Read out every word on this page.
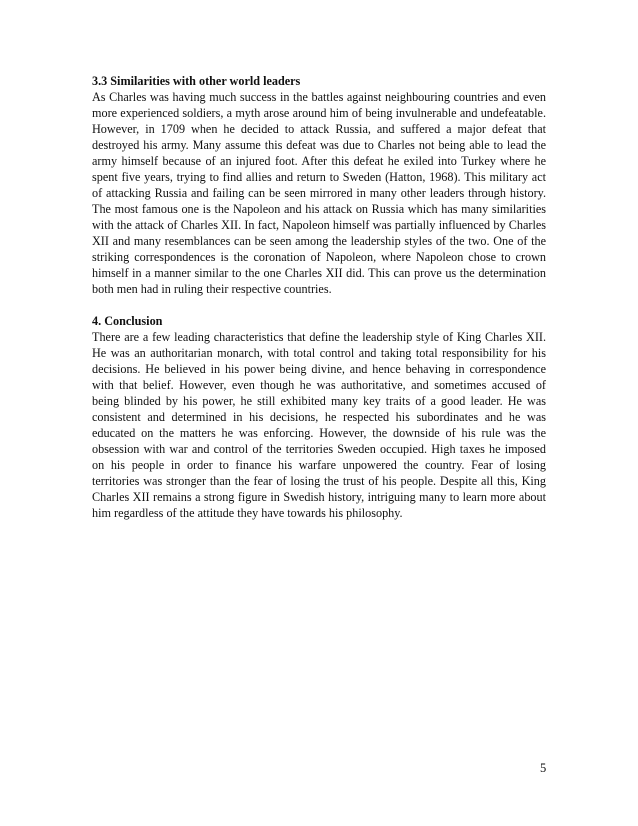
3.3 Similarities with other world leaders

As Charles was having much success in the battles against neighbouring countries and even more experienced soldiers, a myth arose around him of being invulnerable and undefeatable. However, in 1709 when he decided to attack Russia, and suffered a major defeat that destroyed his army. Many assume this defeat was due to Charles not being able to lead the army himself because of an injured foot. After this defeat he exiled into Turkey where he spent five years, trying to find allies and return to Sweden (Hatton, 1968). This military act of attacking Russia and failing can be seen mirrored in many other leaders through history. The most famous one is the Napoleon and his attack on Russia which has many similarities with the attack of Charles XII. In fact, Napoleon himself was partially influenced by Charles XII and many resemblances can be seen among the leadership styles of the two. One of the striking correspondences is the coronation of Napoleon, where Napoleon chose to crown himself in a manner similar to the one Charles XII did. This can prove us the determination both men had in ruling their respective countries.

4. Conclusion

There are a few leading characteristics that define the leadership style of King Charles XII. He was an authoritarian monarch, with total control and taking total responsibility for his decisions. He believed in his power being divine, and hence behaving in correspondence with that belief. However, even though he was authoritative, and sometimes accused of being blinded by his power, he still exhibited many key traits of a good leader. He was consistent and determined in his decisions, he respected his subordinates and he was educated on the matters he was enforcing. However, the downside of his rule was the obsession with war and control of the territories Sweden occupied. High taxes he imposed on his people in order to finance his warfare unpowered the country. Fear of losing territories was stronger than the fear of losing the trust of his people. Despite all this, King Charles XII remains a strong figure in Swedish history, intriguing many to learn more about him regardless of the attitude they have towards his philosophy.

5
